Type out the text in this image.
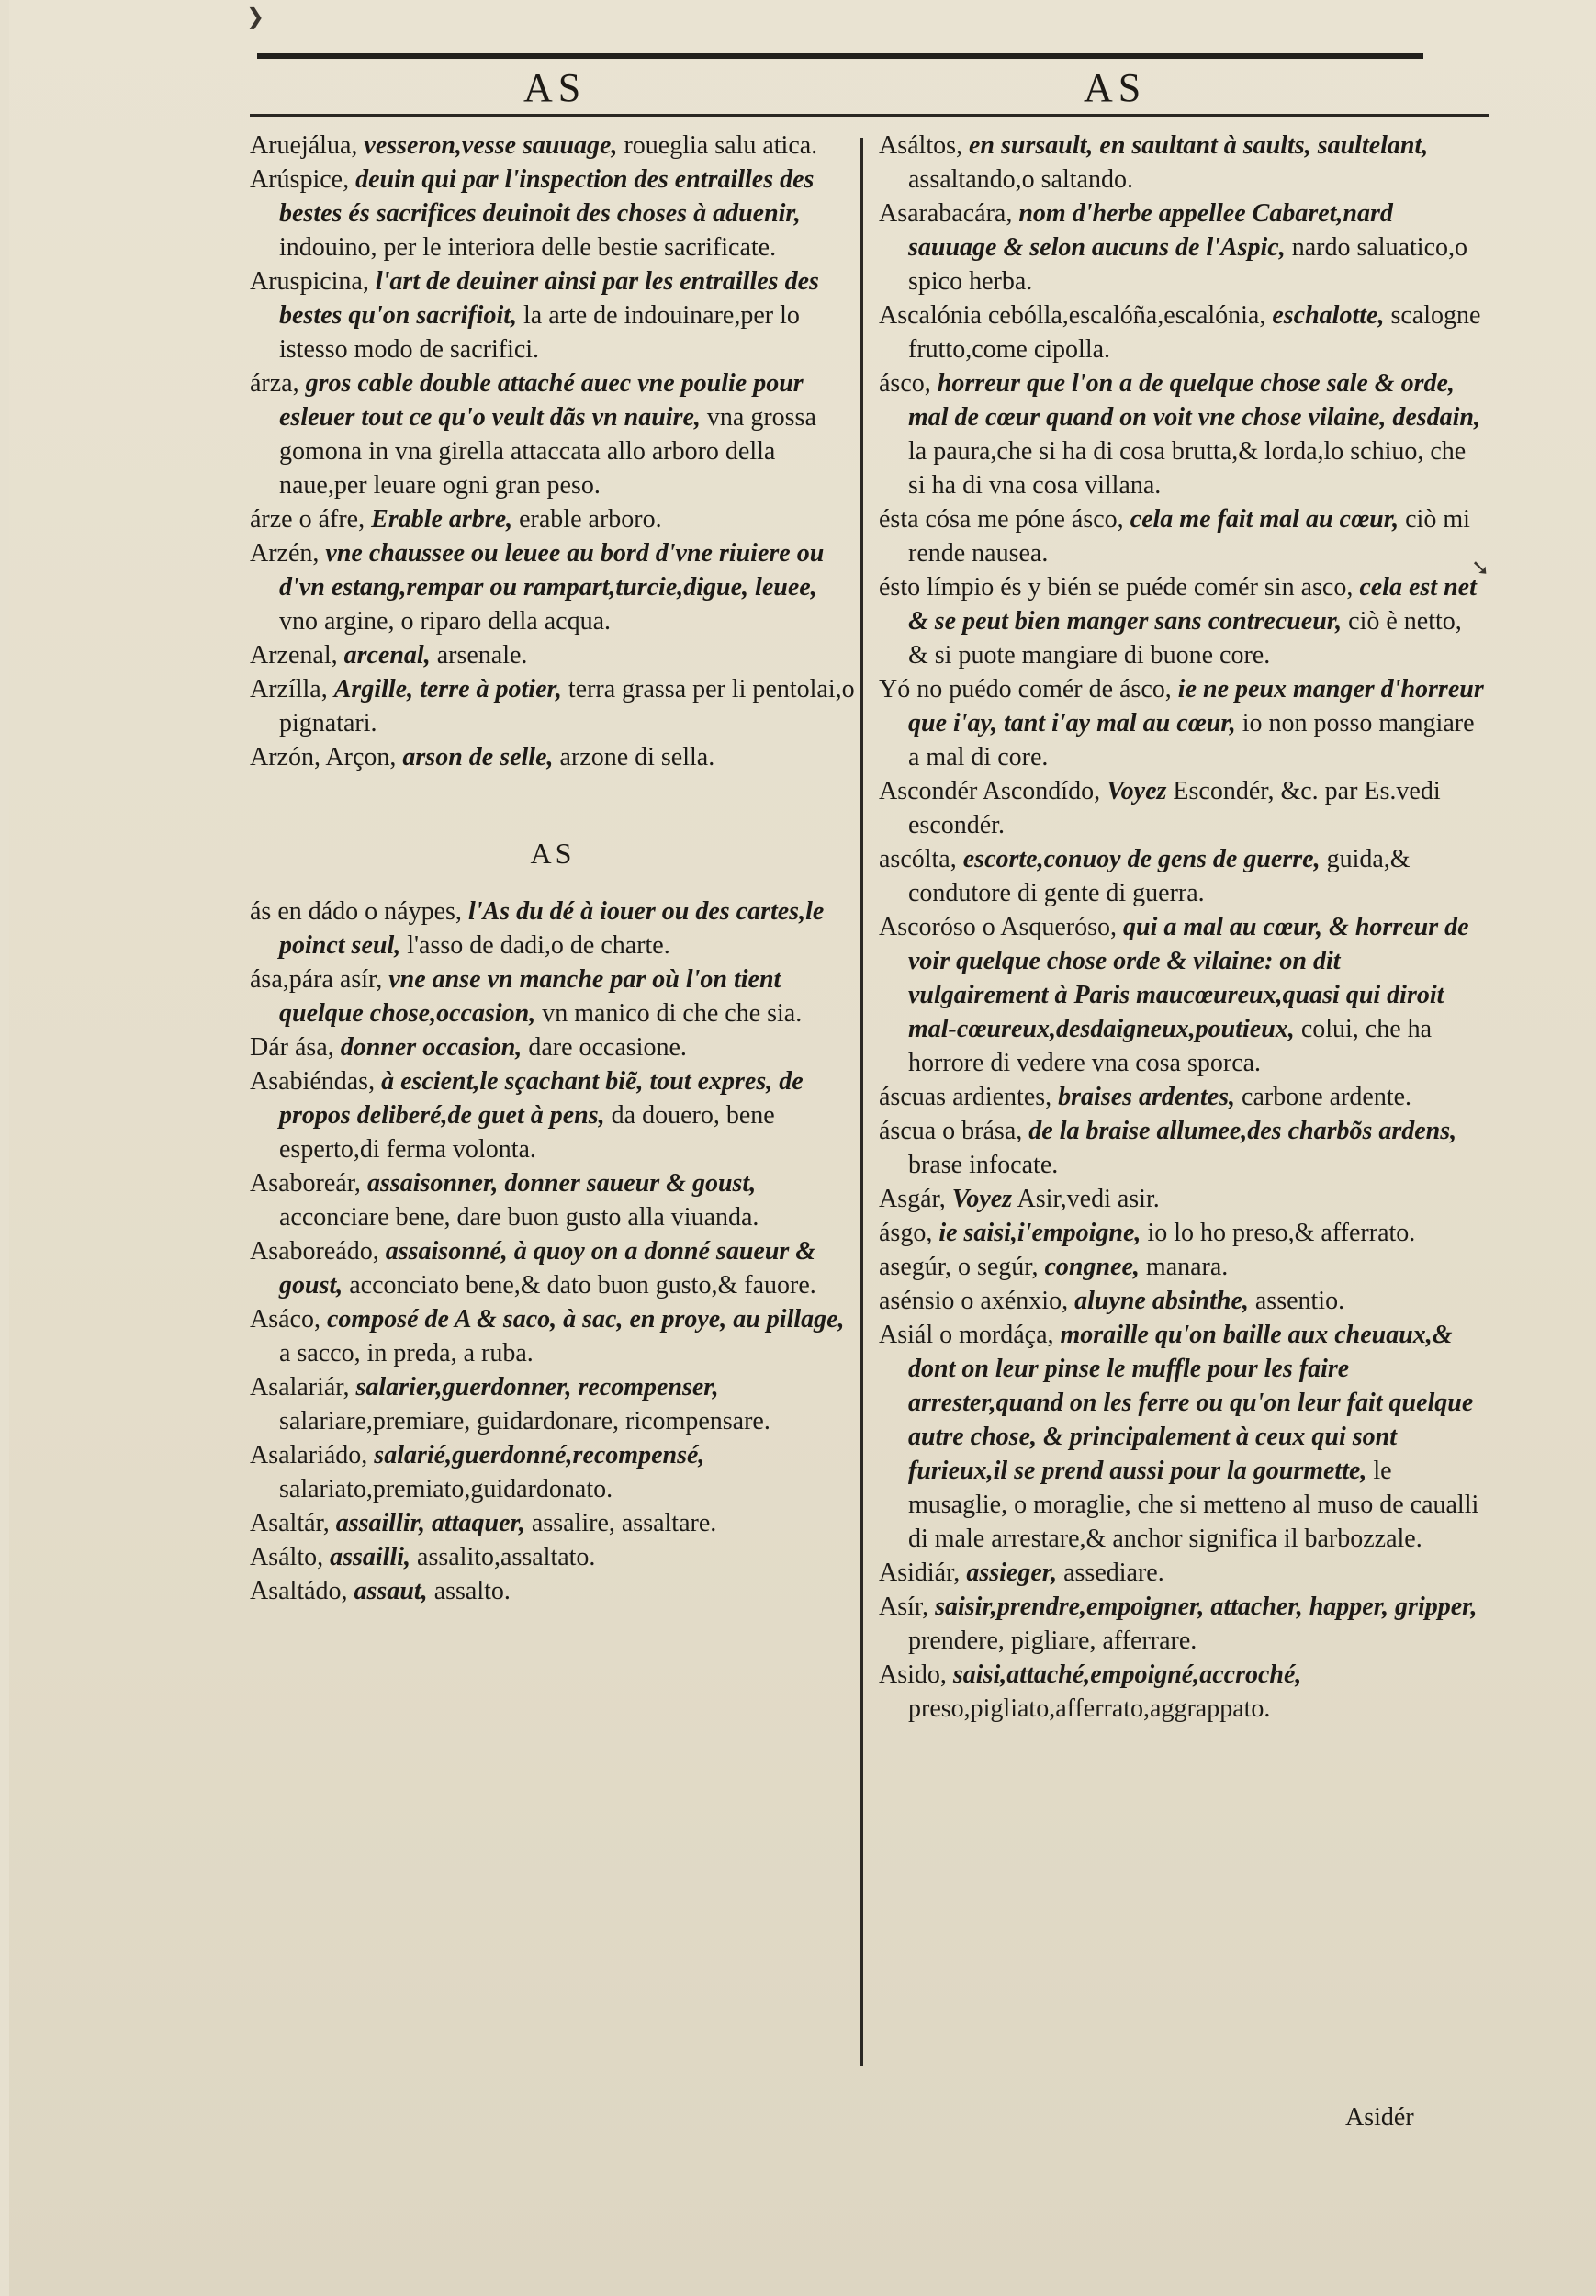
AS	AS

Aruejálua, vesseron,vesse sauuage, roueglia salu atica.

Arúspice, deuin qui par l'inspection des entrailles des bestes és sacrifices deuinoit des choses à aduenir, indouino, per le interiora delle bestie sacrificate.

Aruspicina, l'art de deuiner ainsi par les entrailles des bestes qu'on sacrifioit, la arte de indouinare,per lo istesso modo de sacrifici.

árza, gros cable double attaché auec vne poulie pour esleuer tout ce qu'o veult dãs vn nauire, vna grossa gomona in vna girella attaccata allo arboro della naue,per leuare ogni gran peso.

árze o áfre, Erable arbre, erable arboro.

Arzén, vne chaussee ou leuee au bord d'vne riuiere ou d'vn estang,rempar ou rampart,turcie,digue, leuee, vno argine, o riparo della acqua.

Arzenal, arcenal, arsenale.

Arzílla, Argille, terre à potier, terra grassa per li pentolai,o pignatari.

Arzón, Arçon, arson de selle, arzone di sella.

AS

ás en dádo o náypes, l'As du dé à iouer ou des cartes,le poinct seul, l'asso de dadi,o de charte.

ása,pára asír, vne anse vn manche par où l'on tient quelque chose,occasion, vn manico di che che sia.

Dár ása, donner occasion, dare occasione.

Asabiéndas, à escient,le sçachant biẽ, tout expres, de propos deliberé,de guet à pens, da douero, bene esperto,di ferma volonta.

Asaboreár, assaisonner, donner saueur & goust, acconciare bene, dare buon gusto alla viuanda.

Asaboreádo, assaisonné, à quoy on a donné saueur & goust, acconciato bene,& dato buon gusto,& fauore.

Asáco, composé de A & saco, à sac, en proye, au pillage, a sacco, in preda, a ruba.

Asalariár, salarier,guerdonner, recompenser, salariare,premiare, guidardonare, ricompensare.

Asalariádo, salarié,guerdonné,recompensé, salariato,premiato,guidardonato.

Asaltár, assaillir, attaquer, assalire, assaltare.

Asálto, assailli, assalito,assaltato.

Asaltádo, assaut, assalto.

Asáltos, en sursault, en saultant à saults, saultelant, assaltando,o saltando.

Asarabacára, nom d'herbe appellee Cabaret,nard sauuage & selon aucuns de l'Aspic, nardo saluatico,o spico herba.

Ascalónia cebólla,escalóña,escalónia, eschalotte, scalogne frutto,come cipolla.

ásco, horreur que l'on a de quelque chose sale & orde, mal de cœur quand on voit vne chose vilaine, desdain, la paura,che si ha di cosa brutta,& lorda,lo schiuo, che si ha di vna cosa villana.

ésta cósa me póne ásco, cela me fait mal au cœur, ciò mi rende nausea.

ésto límpio és y bién se puéde comér sin asco, cela est net & se peut bien manger sans contrecueur, ciò è netto, & si puote mangiare di buone core.

Yó no puédo comér de ásco, ie ne peux manger d'horreur que i'ay, tant i'ay mal au cœur, io non posso mangiare a mal di core.

Ascondér Ascondído, Voyez Escondér, &c. par Es.vedi escondér.

ascólta, escorte,conuoy de gens de guerre, guida,& condutore di gente di guerra.

Ascoróso o Asqueróso, qui a mal au cœur, & horreur de voir quelque chose orde & vilaine: on dit vulgairement à Paris maucœureux,quasi qui diroit mal-cœureux,desdaigneux,poutieux, colui, che ha horrore di vedere vna cosa sporca.

áscuas ardientes, braises ardentes, carbone ardente.

áscua o brása, de la braise allumee,des charbõs ardens, brase infocate.

Asgár, Voyez Asir,vedi asir.

ásgo, ie saisi,i'empoigne, io lo ho preso,& afferrato.

asegúr, o segúr, congnee, manara.

asénsio o axénxio, aluyne absinthe, assentio.

Asiál o mordáça, moraille qu'on baille aux cheuaux,& dont on leur pinse le muffle pour les faire arrester,quand on les ferre ou qu'on leur fait quelque autre chose, & principalement à ceux qui sont furieux,il se prend aussi pour la gourmette, le musaglie, o moraglie, che si metteno al muso de caualli di male arrestare,& anchor significa il barbozzale.

Asidiár, assieger, assediare.

Asír, saisir,prendre,empoigner, attacher, happer, gripper, prendere, pigliare, afferrare.

Asido, saisi,attaché,empoigné,accroché, preso,pigliato,afferrato,aggrappato.

Asidér
❯
➘
